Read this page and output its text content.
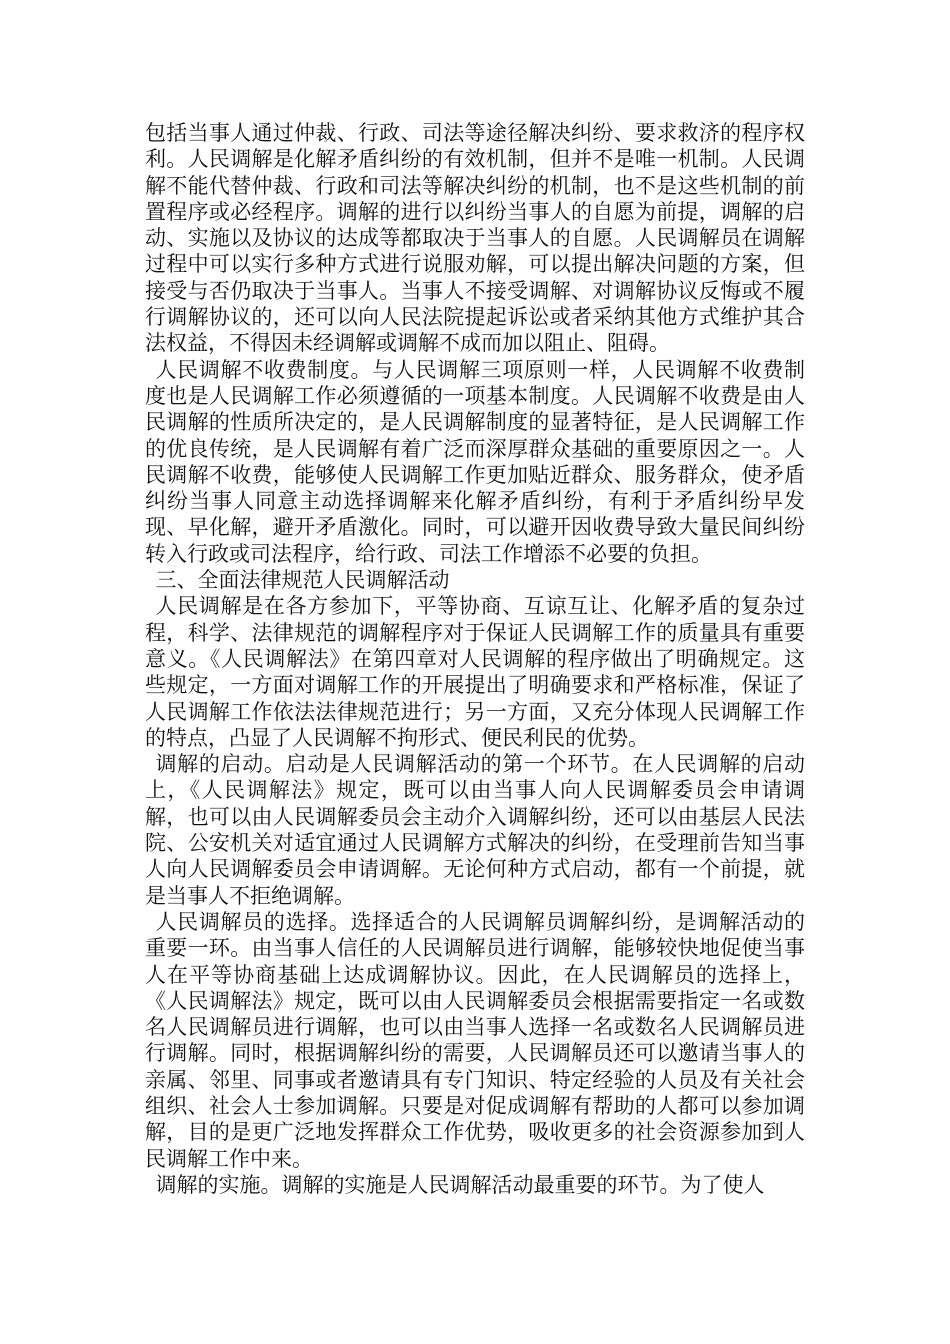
包括当事人通过仲裁、行政、司法等途径解决纠纷、要求救济的程序权利。人民调解是化解矛盾纠纷的有效机制，但并不是唯一机制。人民调解不能代替仲裁、行政和司法等解决纠纷的机制，也不是这些机制的前置程序或必经程序。调解的进行以纠纷当事人的自愿为前提，调解的启动、实施以及协议的达成等都取决于当事人的自愿。人民调解员在调解过程中可以实行多种方式进行说服劝解，可以提出解决问题的方案，但接受与否仍取决于当事人。当事人不接受调解、对调解协议反悔或不履行调解协议的，还可以向人民法院提起诉讼或者采纳其他方式维护其合法权益，不得因未经调解或调解不成而加以阻止、阻碍。

人民调解不收费制度。与人民调解三项原则一样，人民调解不收费制度也是人民调解工作必须遵循的一项基本制度。人民调解不收费是由人民调解的性质所决定的，是人民调解制度的显著特征，是人民调解工作的优良传统，是人民调解有着广泛而深厚群众基础的重要原因之一。人民调解不收费，能够使人民调解工作更加贴近群众、服务群众，使矛盾纠纷当事人同意主动选择调解来化解矛盾纠纷，有利于矛盾纠纷早发现、早化解，避开矛盾激化。同时，可以避开因收费导致大量民间纠纷转入行政或司法程序，给行政、司法工作增添不必要的负担。

三、全面法律规范人民调解活动

人民调解是在各方参加下，平等协商、互谅互让、化解矛盾的复杂过程，科学、法律规范的调解程序对于保证人民调解工作的质量具有重要意义。《人民调解法》在第四章对人民调解的程序做出了明确规定。这些规定，一方面对调解工作的开展提出了明确要求和严格标准，保证了人民调解工作依法法律规范进行；另一方面，又充分体现人民调解工作的特点，凸显了人民调解不拘形式、便民利民的优势。

调解的启动。启动是人民调解活动的第一个环节。在人民调解的启动上，《人民调解法》规定，既可以由当事人向人民调解委员会申请调解，也可以由人民调解委员会主动介入调解纠纷，还可以由基层人民法院、公安机关对适宜通过人民调解方式解决的纠纷，在受理前告知当事人向人民调解委员会申请调解。无论何种方式启动，都有一个前提，就是当事人不拒绝调解。

人民调解员的选择。选择适合的人民调解员调解纠纷，是调解活动的重要一环。由当事人信任的人民调解员进行调解，能够较快地促使当事人在平等协商基础上达成调解协议。因此，在人民调解员的选择上，《人民调解法》规定，既可以由人民调解委员会根据需要指定一名或数名人民调解员进行调解，也可以由当事人选择一名或数名人民调解员进行调解。同时，根据调解纠纷的需要，人民调解员还可以邀请当事人的亲属、邻里、同事或者邀请具有专门知识、特定经验的人员及有关社会组织、社会人士参加调解。只要是对促成调解有帮助的人都可以参加调解，目的是更广泛地发挥群众工作优势，吸收更多的社会资源参加到人民调解工作中来。

调解的实施。调解的实施是人民调解活动最重要的环节。为了使人
